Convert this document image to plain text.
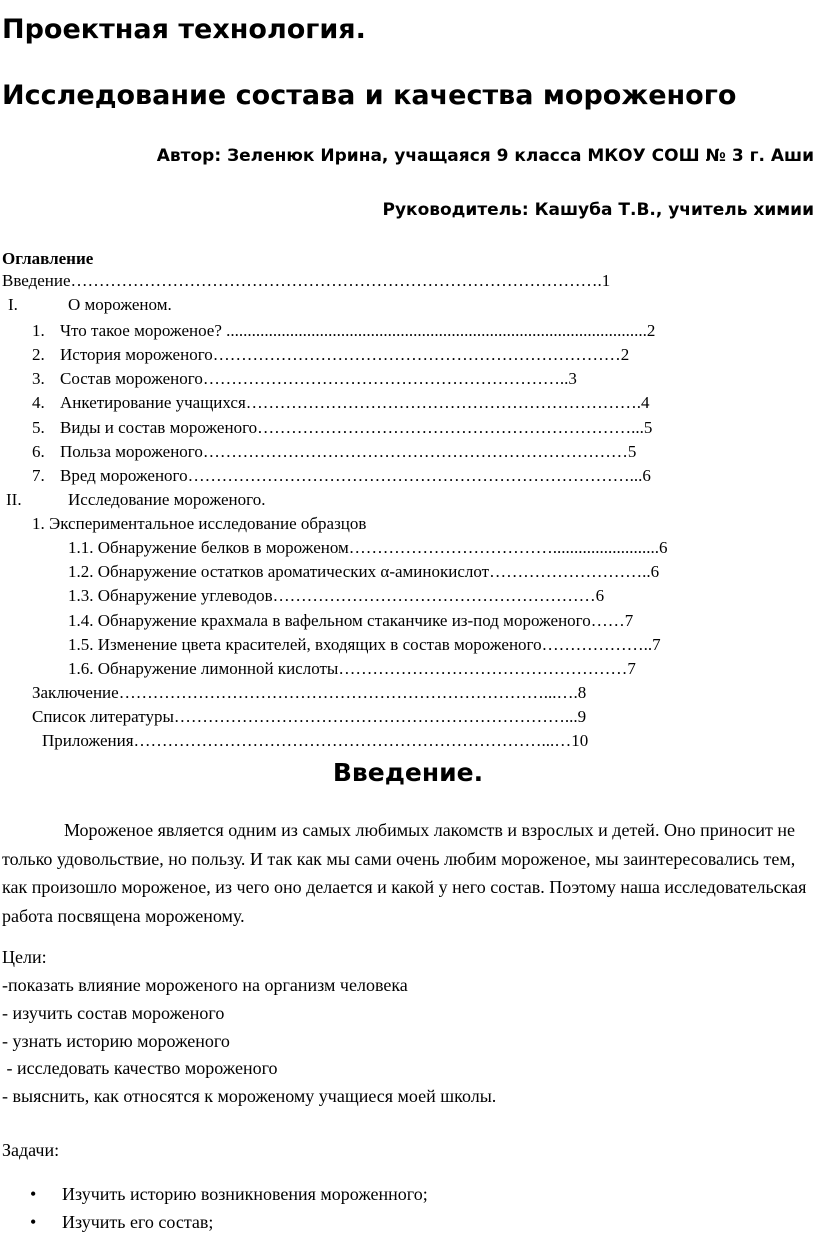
Проектная технология.
Исследование состава и качества мороженого
Автор: Зеленюк Ирина, учащаяся 9 класса МКОУ СОШ № 3 г. Аши
Руководитель: Кашуба Т.В., учитель химии
Оглавление
Введение………………………………………………………………………………….1
I.	О мороженом.
1. Что такое мороженое? ...................................................................................................2
2. История мороженого………………………………………………………………2
3. Состав мороженого………………………………………………………..3
4. Анкетирование учащихся…………………………………………………………….4
5. Виды и состав мороженого…………………………………………………………...5
6. Польза мороженого…………………………………………………………………5
7. Вред мороженого……………………………………………………………………...6
II.	Исследование мороженого.
1. Экспериментальное исследование образцов
1.1. Обнаружение белков в мороженом……………………………….........................6
1.2. Обнаружение остатков ароматических α-аминокислот………………………..6
1.3. Обнаружение углеводов…………………………………………………6
1.4. Обнаружение крахмала в вафельном стаканчике из-под мороженого……7
1.5. Изменение цвета красителей, входящих в состав мороженого………………..7
1.6. Обнаружение лимонной кислоты……………………………………………7
Заключение…………………………………………………………………...….8
Список литературы……………………………………………………………...9
Приложения………………………………………………………………...…10
Введение.
Мороженое является одним из самых любимых лакомств и взрослых и детей. Оно приносит не только удовольствие, но пользу. И так как мы сами очень любим мороженое, мы заинтересовались тем, как произошло мороженое, из чего оно делается и какой у него состав. Поэтому наша исследовательская работа посвящена мороженому.
Цели:
-показать влияние мороженого на организм человека
- изучить состав мороженого
- узнать историю мороженого
- исследовать качество мороженого
- выяснить, как относятся к мороженому учащиеся моей школы.
Задачи:
• Изучить историю возникновения мороженного;
• Изучить его состав;
